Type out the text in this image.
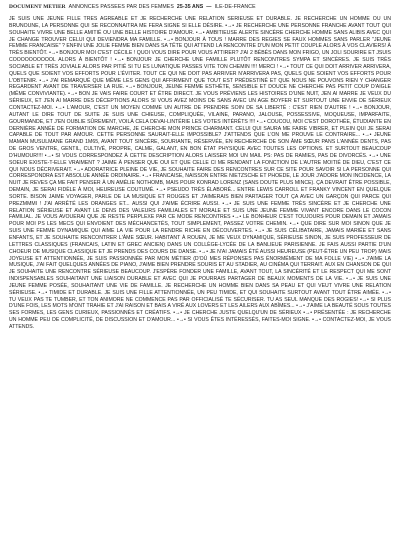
DOCUMENT MÉTIER ANNONCES PASSÉES PAR DES FEMMES 25-35 ANS — ÎLE-DE-FRANCE
JE SUIS UNE JEUNE FILLE TRÈS AGRÉABLE ET JE RECHERCHE UNE RELATION SÉRIEUSE ET DURABLE. JE RECHERCHE UN HOMME OU UN BRUNOUNE, LA PERSONNE QUI SE RECONNAITRA ME FERA SIGNE SI ELLE DÉSIRE. •→• JE RECHERCHE UNE PERSONNE FRANCHE AVANT TOUT QUI SOUHAITE VIVRE UNE BELLE AMITIÉ OU UNE BELLE HISTOIRE D'AMOUR. •→• AMBITIEUSE ALERTE SINCÈRE CHERCHE HOMME SANS ALIBIS AVEC QUI JE CHANGE TROUVER CELUI QUI DEVIENDRA MA FAMILLE. •→• BONJOUR À TOUS ! MARRE DES REGIES SE FAUX HOMMES SANS PARLER "JEUNE FEMME FRANCAISE" ? ENFIN UNE JOLIE FEMME BIEN DANS SA TÊTE QUI ATTEND LA RENCONTRE D'UN MON PETIT COUPLE ALORS À VOS CLAVIERS! À TRÈS BIENTÔT. •→• BONJOUR MOI C'EST CÉCILE ! QUOI VOUS DIRE POUR VOUS ATTIRER? J'AI 2 BÉBÉS DANS MON FRIGO, UN JOLI SOURIRE ET JSUIS COOOOOOOOOOL ALORS À BIENTÔT ! •→• BONJOUR JE CHERCHE UNE FAMILLE PLUTÔT RENCONTRES SYMPA ET SINCÈRES. JE SUIS TRÈS SOCIABLE ET TRÈS JOVIALE ALORS PAR PITIÉ SI TU ES LUNATIQUE PASSES VITE TON CHEMIN !!!! MERCI ! •→• TOUT CE QUI DOIT ARRIVER ARRIVERA, QUELS QUE SOIENT VOS EFFORTS POUR L'ÉVITER. TOUT CE QUI NE DOIT PAS ARRIVER N'ARRIVERA PAS, QUELS QUE SOIENT VOS EFFORTS POUR L'OBTENIR. •→• J'AI REMARQUÉ QUE MÊME LES GENS QUI AFFIRMENT QUE TOUT EST PRÉDESTINÉ ET QUE NOUS NE POUVONS RIEN Y CHANGER REGARDENT AVANT DE TRAVERSER LA RUE. •→• BONJOUR, JEUNE FEMME ESTHÈTE, SENSIBLE ET DOUCE NE CHERCHE PAS PETIT COUP D'AIGLE (MÊME CONVIVIANTE). •→• BON JE VAIS FAIRE COURT ET ÊTRE DIRECT. JE VOUS PRÉVIENS LES HISTOIRES D'UNE NUIT, JEN AI MARRE JE VEUX DU SÉRIEUX, ET J'EN AI MARRE DES DÉCEPTIONS ALORS SI VOUS AVEZ MOINS DE SANS AVEC UN AGE BOYFER ET SURTOUT UNE ENVIE DE SÉRIEUX CONTACTEZ-MOI. •→• L'AMOUR, C'EST UN MOYEN COMME UN AUTRE DE PRENDRE SOIN DE SA LIBERTÉ : C'EST RIEN D'AUTRE ! •→• BONJOUR, AUTANT LE DIRE TOUT DE SUITE JE SUIS UNE CHIEUSE, COMPLIQUÉE, VILAINE, PARANO, JALOUSE, POSSESSIVE, MOQUEUSE, IMPARFAITE, GOURMANDE, ET J'EN OUBLIE SÛREMENT, VOILÀ CELA DEVAI-LINTÉRIE LES VOTES INTÉRÊTS !!!! •→• COUCOU, MOI C'EST DOROTHÉE, ÉTUDIANTE EN DERNIÈRE ANNÉE DE FORMATION DE MARCHE, JE CHERCHE MON PRINCE CHARMANT. CELUI QUI SAURA ME FAIRE VIBRER, ET PLEIN QUI JE SERAI CAPABLE DE TOUT PAR AMOUR. CETTE PERSONNE SAURAIT-ELLE IMPOSSIBLE? J'ATTENDS QUE L'ON ME PROUVE LE CONTRAIRE... •→• JEUNE MAMAN MUSULMANE GRAND 1M65, AVANT TOUT SINCÈRE, SOURIANTE, RÉSERVÉE, EN RECHERCHE DE SON ÂME SŒUR PANS L'ANNÉE DENTS, PAS DE GROS VENTRE, GENTIL, CULTIVÉ, PROPRE, CALME, GALANT, EN BON ÉTAT PHYSIQUE AVEC TOUTES LES OPTIONS. ET SURTOUT BEAUCOUP D'HUMOUR!!!! •→• SI VOUS CORRESPONDEZ À CETTE DESCRIPTION ALORS LAISSER MOI UN MAIL PS: PAS DE RAMIES, PAS DE DIVORCÉS. •→• UNE SOEUR EXISTE-T-ELLE VRAIMENT ? JAIME À PENSER QUE OUI ET QUE CELLE CI ME RENDANT LA FONCTION DE L'AUTRE MOITIÉ DE DIEU, C'EST CE QUI NOUS DÉCRIVERAIT. •→• ADORATRICE PLEINE DE VIE, JE SOUHAITE FAIRE DES RENCONTRES SUR CE SITE POUR SAVOIR SI LA PERSONNE QUI CORRESPONDRA EST ABSOLUE ANNÉE ORDINAIRE. •→• FRANCAISE, NAISSON ENTRE NIETZSCHE ET PHOEDE, LE JOUR J'ADORE MON INCIDENCE, LA NUIT JE REVES ÇA ME FAIT PENSER À UN AMÉLIE NOTHOMB, MAIS POUR KONRAD LORENZ (SANS DOUTE PLUS MINCE). ÇA DEVRAIT ÊTRE POSSIBLE, DEMAIN, JE SERAI FIDÈLE À MOI, HEUREUSE COUTUMÉ. •→• PSEUDO TRÈS ÉLABORÉ... ENTRE LEWIS CARROLL ET FRANKY VINCENT EN QUELQUE SORTE. BISON JAIME VOYAGER, PARLE DE LA MUSIQUE ET ROUGES ET J'AIMERAIS BIEN PARTAGER TOUT ÇA AVEC UN GARÇON QUI PARCE QUI PREZMMMI ! J'AI ARRÊTÉ LES ORANGES ET... AUSSI QUI J'AIME ÉCRIRE AUSSI. •→• JE SUIS UNE FEMME TRÈS SINCÈRE ET JE CHERCHE UNE RELATION SÉRIEUSE ET AVANT LE DENS DES VALEURS FAMILIALES ET MORALE ET SUIS UNE JEUNE FEMME VIVANT ENCORE DANS LE COCON FAMILIAL. JE VOUS AVOUERAI QUE JE RESTE PERPLEXE PAR CE MODE RENCONTRES •→• LE BONHEUR C'EST TOUJOURS POUR DEMAIN ET JAMAIS POUR MOI PS LES MECS QUI ENVOIENT DES MÉCHANCETÉS, TOUT SIMPLEMENT, PASSEZ VOTRE CHEMIN. •→• QUE DIRE SUR MOI SINON QUE JE SUIS UNE FEMME DYNAMIQUE QUI AIME LA VIE POUR LA RENDRE RICHE EN DÉCOUVERTES. •→• JE SUIS CÉLIBATAIRE, JAMAIS MARIÉE ET SANS ENFANTS, ET JE SOUHAITE RENCONTRER L'ÂME SŒUR. HABITANT À ROUEN, JE ME VEUX DYNAMIQUE, SÉRIEUSE SINON, JE SUIS PROFESSEUR DE LETTRES CLASSIQUES (FRANCAIS, LATIN ET GREC ANCIEN) DANS UN COLLÈGE-LYCÉE DE LA BANLIEUE PARISIENNE. JE FAIS AUSSI PARTIE D'UN CHOEUR DE MUSIQUE CLASSIQUE ET JE PRENDS DES COURS DE DANSE. •→• JE N'AI JAMAIS ÉTÉ AUSSI HEUREUSE (PEUT-ÊTRE UN PEU TROP) MAIS JOYEUSE ET ATTENTIONNÉE, JE SUIS PASSIONNÉE PAR MON MÉTIER (D'OÙ MES RÉPONSES PAS ÉNORMÉMENT DE MA FOLLE VIE) •→• J'AIME LA MUSIQUE, J'AI FAIT QUELQUES ANNÉES DE PIANO, J'AIME BIEN PRENDRE SOURIS ET AU STADIER, AU CINÉMA QUI TERRAIT. AUX EN CHANSON DE QUI JE SOUHAITE UNE RENCONTRE SÉRIEUSE BEAUCOUP. J'ESPÈRE FONDER UNE FAMILLE, AVANT TOUT, LA SINCÉRITÉ ET LE RESPECT QUI ME SONT INDISPENSABLES SOUHAITANT UNE LIAISON DURABLE ET AVEC QUI JE POURRAIS PARTAGER DE BEAUX MOMENTS DE LA VIE. •→• JE SUIS UNE JEUNE FEMME POSÉE, SOUHAITANT UNE VIE DE FAMILLE. JE RECHERCHE UN HOMME BIEN DANS SA PEAU ET QUI VEUT VIVRE UNE RELATION SÉRIEUSE. •→• TIMIDE ET DURABLE. JE SUIS UNE FILLE ATTENTIONNÉE, UN PEU TIMIDE, ET QUI SOUHAITE SURTOUT AVANT TOUT ÊTRE AIMÉE. •→• TU VEUX PAS TE TUMBER, ET TON ANIMORE NE COMMENCE PAS PAR OFFICIALISÉ TE SÉCURISER. TU AS SEUL MANQUE DES ROGIES! •→• SI PLUS D'UNE FOIS, LES MOTS M'ONT TRAHIE ET J'AI RAISON ET BAIS A VIRÉ AUX LOVERS ET LES AILERS AUX ABÎMES... •→• J'AIME LA BEAUTÉ SOUS TOUTES SES FORMES, LES GENS CURIEUX, PASSIONNÉS ET CRÉATIFS. •→• JE CHERCHE JUSTE QUELQU'UN DE SÉRIEUX •→• PRÉSENTÉE : JE RECHERCHE UN HOMME PEU DE COMPLICITÉ, DE DISCUSSION ET D'AMOUR... •→• SI VOUS ÊTES INTÉRESSÉS, FAITES-MOI SIGNE. •→• CONTACTEZ-MOI, JE VOUS ATTENDS.
